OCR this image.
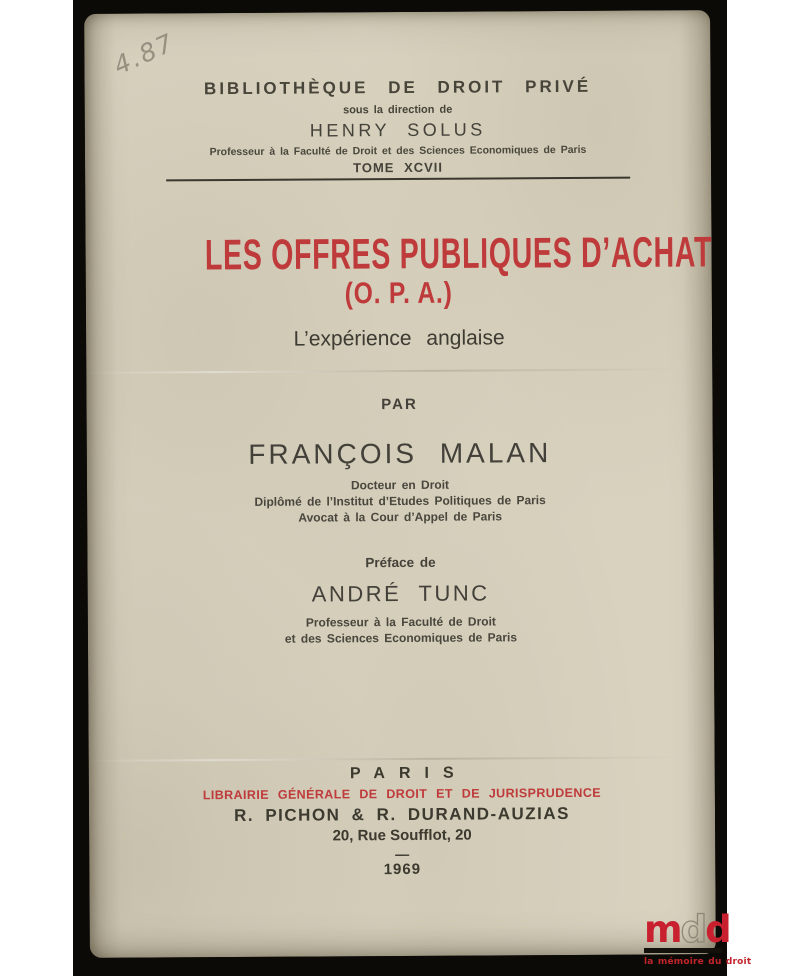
4.87
BIBLIOTHÈQUE DE DROIT PRIVÉ
sous la direction de
HENRY SOLUS
Professeur à la Faculté de Droit et des Sciences Economiques de Paris
TOME XCVII
LES OFFRES PUBLIQUES D’ACHAT
(O. P. A.)
L’expérience anglaise
PAR
FRANÇOIS MALAN
Docteur en Droit
Diplômé de l’Institut d’Etudes Politiques de Paris
Avocat à la Cour d’Appel de Paris
Préface de
ANDRÉ TUNC
Professeur à la Faculté de Droit
et des Sciences Economiques de Paris
PARIS
LIBRAIRIE GÉNÉRALE DE DROIT ET DE JURISPRUDENCE
R. PICHON & R. DURAND-AUZIAS
20, Rue Soufflot, 20
—
1969
mdd
la mémoire du droit
